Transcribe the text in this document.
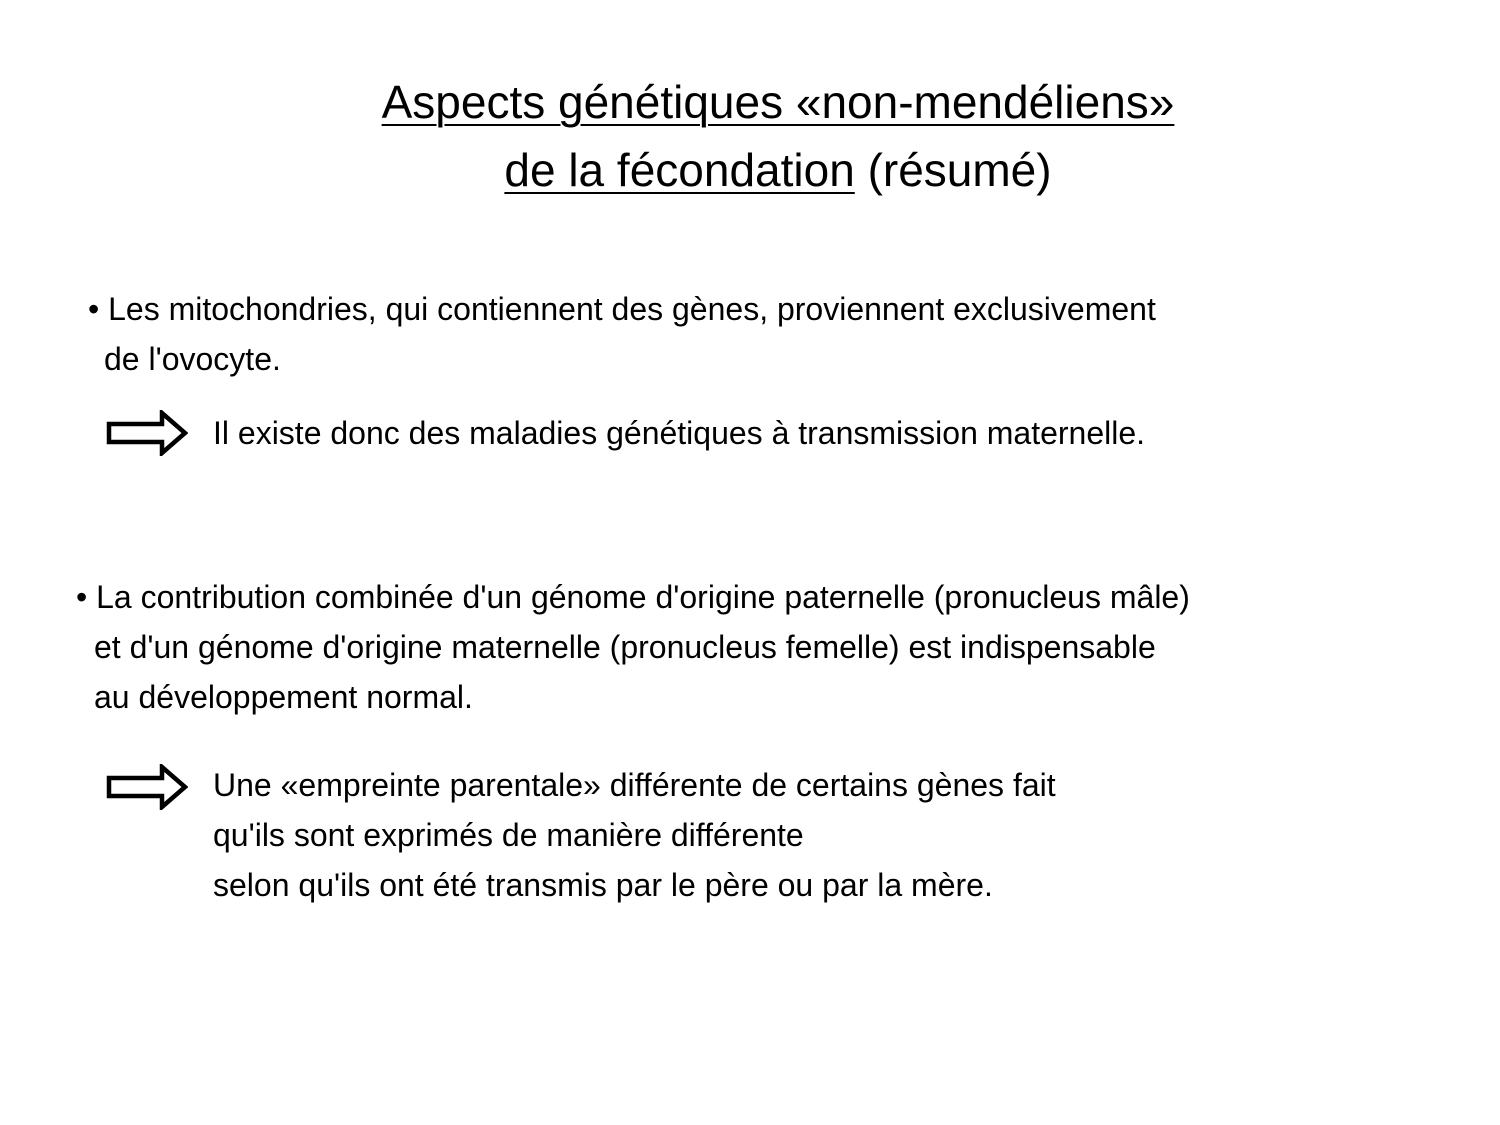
Aspects génétiques «non-mendéliens»
de la fécondation (résumé)
• Les mitochondries, qui contiennent des gènes, proviennent exclusivement
de l'ovocyte.
Il existe donc des maladies génétiques à transmission maternelle.
• La contribution combinée d'un génome d'origine paternelle (pronucleus mâle)
et d'un génome d'origine maternelle (pronucleus femelle) est indispensable
au développement normal.
Une «empreinte parentale» différente de certains gènes fait
qu'ils sont exprimés de manière différente
selon qu'ils ont été transmis par le père ou par la mère.
